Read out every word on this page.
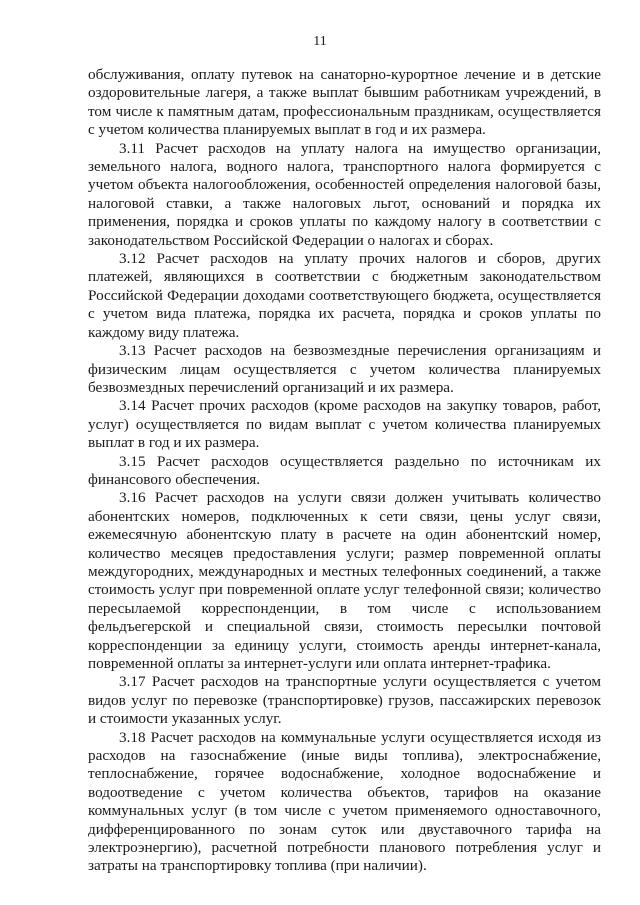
11

обслуживания, оплату путевок на санаторно-курортное лечение и в детские оздоровительные лагеря, а также выплат бывшим работникам учреждений, в том числе к памятным датам, профессиональным праздникам, осуществляется с учетом количества планируемых выплат в год и их размера.

3.11 Расчет расходов на уплату налога на имущество организации, земельного налога, водного налога, транспортного налога формируется с учетом объекта налогообложения, особенностей определения налоговой базы, налоговой ставки, а также налоговых льгот, оснований и порядка их применения, порядка и сроков уплаты по каждому налогу в соответствии с законодательством Российской Федерации о налогах и сборах.

3.12 Расчет расходов на уплату прочих налогов и сборов, других платежей, являющихся в соответствии с бюджетным законодательством Российской Федерации доходами соответствующего бюджета, осуществляется с учетом вида платежа, порядка их расчета, порядка и сроков уплаты по каждому виду платежа.

3.13 Расчет расходов на безвозмездные перечисления организациям и физическим лицам осуществляется с учетом количества планируемых безвозмездных перечислений организаций и их размера.

3.14 Расчет прочих расходов (кроме расходов на закупку товаров, работ, услуг) осуществляется по видам выплат с учетом количества планируемых выплат в год и их размера.

3.15 Расчет расходов осуществляется раздельно по источникам их финансового обеспечения.

3.16 Расчет расходов на услуги связи должен учитывать количество абонентских номеров, подключенных к сети связи, цены услуг связи, ежемесячную абонентскую плату в расчете на один абонентский номер, количество месяцев предоставления услуги; размер повременной оплаты междугородних, международных и местных телефонных соединений, а также стоимость услуг при повременной оплате услуг телефонной связи; количество пересылаемой корреспонденции, в том числе с использованием фельдъегерской и специальной связи, стоимость пересылки почтовой корреспонденции за единицу услуги, стоимость аренды интернет-канала, повременной оплаты за интернет-услуги или оплата интернет-трафика.

3.17 Расчет расходов на транспортные услуги осуществляется с учетом видов услуг по перевозке (транспортировке) грузов, пассажирских перевозок и стоимости указанных услуг.

3.18 Расчет расходов на коммунальные услуги осуществляется исходя из расходов на газоснабжение (иные виды топлива), электроснабжение, теплоснабжение, горячее водоснабжение, холодное водоснабжение и водоотведение с учетом количества объектов, тарифов на оказание коммунальных услуг (в том числе с учетом применяемого одноставочного, дифференцированного по зонам суток или двуставочного тарифа на электроэнергию), расчетной потребности планового потребления услуг и затраты на транспортировку топлива (при наличии).
